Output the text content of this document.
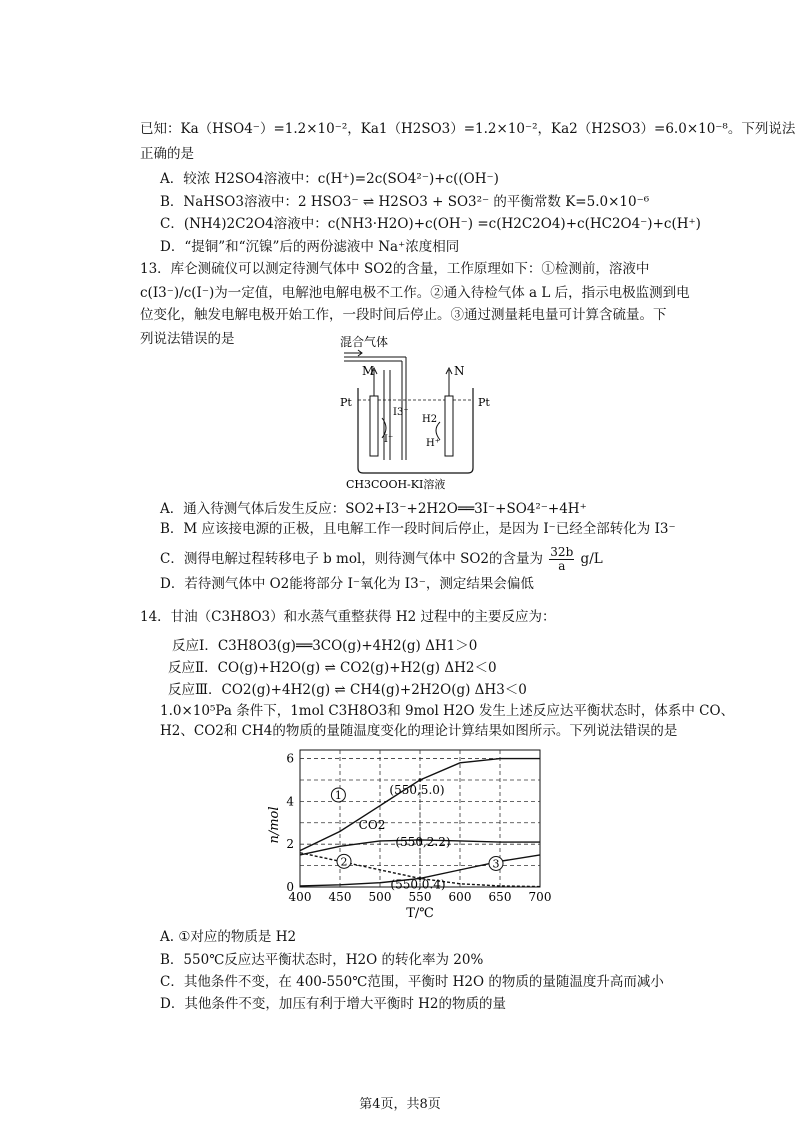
已知：Ka（HSO4⁻）=1.2×10⁻²，Ka1（H2SO3）=1.2×10⁻²，Ka2（H2SO3）=6.0×10⁻⁸。下列说法
正确的是
A．较浓 H2SO4溶液中：c(H⁺)=2c(SO4²⁻)+c((OH⁻)
B．NaHSO3溶液中：2 HSO3⁻ ⇌ H2SO3 + SO3²⁻ 的平衡常数 K=5.0×10⁻⁶
C．(NH4)2C2O4溶液中：c(NH3·H2O)+c(OH⁻) =c(H2C2O4)+c(HC2O4⁻)+c(H⁺)
D．“提铜”和“沉镍”后的两份滤液中 Na⁺浓度相同
13．库仑测硫仪可以测定待测气体中 SO2的含量，工作原理如下：①检测前，溶液中
c(I3⁻)/c(I⁻)为一定值，电解池电解电极不工作。②通入待检气体 a L 后，指示电极监测到电
位变化，触发电解电极开始工作，一段时间后停止。③通过测量耗电量可计算含硫量。下
列说法错误的是	混合气体
M	N
Pt	Pt
I3⁻
H2
I⁻	H⁺
CH3COOH-KI溶液
A．通入待测气体后发生反应：SO2+I3⁻+2H2O══3I⁻+SO4²⁻+4H⁺
B．M 应该接电源的正极，且电解工作一段时间后停止，是因为 I⁻已经全部转化为 I3⁻
C．测得电解过程转移电子 b mol，则待测气体中 SO2的含量为 $\frac{32b}{a} g/L$
D．若待测气体中 O2能将部分 I⁻氧化为 I3⁻，测定结果会偏低
14．甘油（C3H8O3）和水蒸气重整获得 H2 过程中的主要反应为：
反应Ⅰ．C3H8O3(g)══3CO(g)+4H2(g) ΔH1＞0
反应Ⅱ．CO(g)+H2O(g) ⇌ CO2(g)+H2(g) ΔH2＜0
反应Ⅲ．CO2(g)+4H2(g) ⇌ CH4(g)+2H2O(g) ΔH3＜0
1.0×10⁵Pa 条件下，1mol C3H8O3和 9mol H2O 发生上述反应达平衡状态时，体系中 CO、
H2、CO2和 CH4的物质的量随温度变化的理论计算结果如图所示。下列说法错误的是
400 450 500 550 600 650 700
0
2
4
6
1
CO2
2	3
(550,5.0)
(550,2.2)
(550,0.4)
n/mol
T/℃
A. ①对应的物质是 H2
B．550℃反应达平衡状态时，H2O 的转化率为 20%
C．其他条件不变，在 400-550℃范围，平衡时 H2O 的物质的量随温度升高而减小
D．其他条件不变，加压有利于增大平衡时 H2的物质的量
第4页，共8页
